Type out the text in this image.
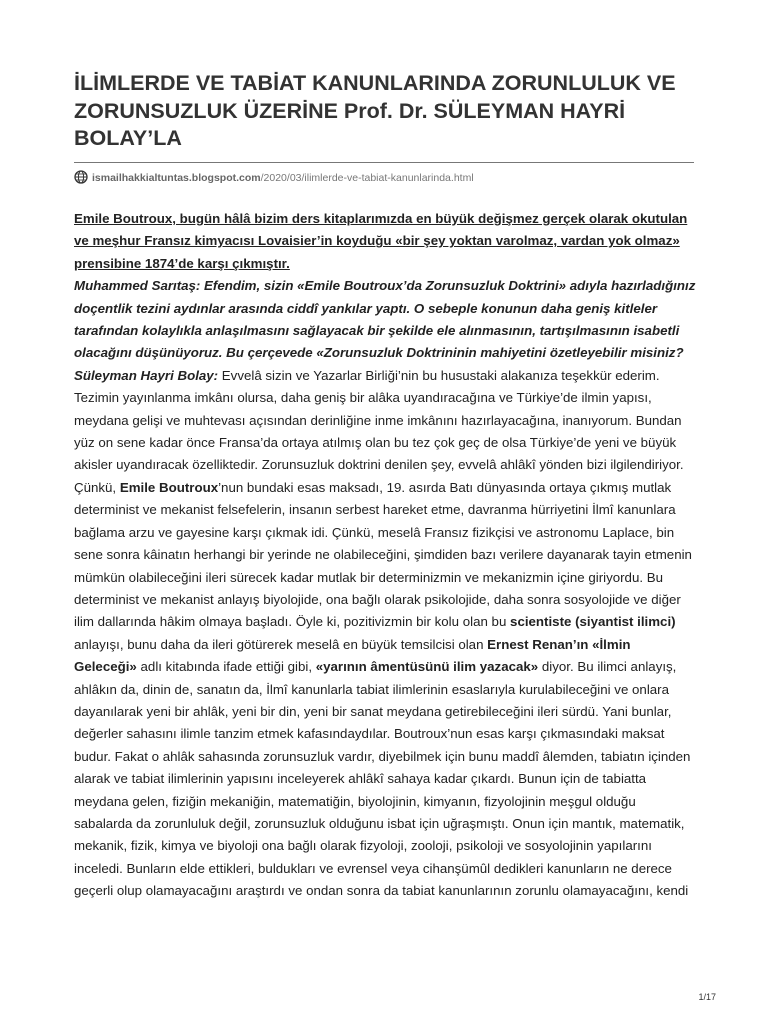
İLİMLERDE VE TABİAT KANUNLARINDA ZORUNLULUK VE ZORUNSUZLUK ÜZERİNE Prof. Dr. SÜLEYMAN HAYRİ BOLAY’LA
ismailhakkialtuntas.blogspot.com/2020/03/ilimlerde-ve-tabiat-kanunlarinda.html

Emile Boutroux, bugün hâlâ bizim ders kitaplarımızda en büyük değişmez gerçek olarak okutulan ve meşhur Fransız kimyacısı Lovaisier’in koyduğu «bir şey yoktan varolmaz, vardan yok olmaz» prensibine 1874’de karşı çıkmıştır.

Muhammed Sarıtaş: Efendim, sizin «Emile Boutroux’da Zorunsuzluk Doktrini» adıyla hazırladığınız doçentlik tezini aydınlar arasında ciddî yankılar yaptı. O sebeple konunun daha geniş kitleler tarafından kolaylıkla anlaşılmasını sağlayacak bir şekilde ele alınmasının, tartışılmasının isabetli olacağını düşünüyoruz. Bu çerçevede «Zorunsuzluk Doktrininin mahiyetini özetleyebilir misiniz?

Süleyman Hayri Bolay: Evvelâ sizin ve Yazarlar Birliği’nin bu husustaki alakanıza teşekkür ederim. Tezimin yayınlanma imkânı olursa, daha geniş bir alâka uyandıracağına ve Türkiye’de ilmin yapısı, meydana gelişi ve muhtevası açısından derinliğine inme imkânını hazırlayacağına, inanıyorum. Bundan yüz on sene kadar önce Fransa’da ortaya atılmış olan bu tez çok geç de olsa Türkiye’de yeni ve büyük akisler uyandıracak özelliktedir. Zorunsuzluk doktrini denilen şey, evvelâ ahlâkî yönden bizi ilgilendiriyor. Çünkü, Emile Boutroux’nun bundaki esas maksadı, 19. asırda Batı dünyasında ortaya çıkmış mutlak determinist ve mekanist felsefelerin, insanın serbest hareket etme, davranma hürriyetini İlmî kanunlara bağlama arzu ve gayesine karşı çıkmak idi. Çünkü, meselâ Fransız fizikçisi ve astronomu Laplace, bin sene sonra kâinatın herhangi bir yerinde ne olabileceğini, şimdiden bazı verilere dayanarak tayin etmenin mümkün olabileceğini ileri sürecek kadar mutlak bir determinizmin ve mekanizmin içine giriyordu. Bu determinist ve mekanist anlayış biyolojide, ona bağlı olarak psikolojide, daha sonra sosyolojide ve diğer ilim dallarında hâkim olmaya başladı. Öyle ki, pozitivizmin bir kolu olan bu scientiste (siyantist ilimci) anlayışı, bunu daha da ileri götürerek meselâ en büyük temsilcisi olan Ernest Renan’ın «İlmin Geleceği» adlı kitabında ifade ettiği gibi, «yarının âmentüsünü ilim yazacak» diyor. Bu ilimci anlayış, ahlâkın da, dinin de, sanatın da, İlmî kanunlarla tabiat ilimlerinin esaslarıyla kurulabileceğini ve onlara dayanılarak yeni bir ahlâk, yeni bir din, yeni bir sanat meydana getirebileceğini ileri sürdü. Yani bunlar, değerler sahasını ilimle tanzim etmek kafasındaydılar. Boutroux’nun esas karşı çıkmasındaki maksat budur. Fakat o ahlâk sahasında zorunsuzluk vardır, diyebilmek için bunu maddî âlemden, tabiatın içinden alarak ve tabiat ilimlerinin yapısını inceleyerek ahlâkî sahaya kadar çıkardı. Bunun için de tabiatta meydana gelen, fiziğin mekaniğin, matematiğin, biyolojinin, kimyanın, fizyolojinin meşgul olduğu sabalarda da zorunluluk değil, zorunsuzluk olduğunu isbat için uğraşmıştı. Onun için mantık, matematik, mekanik, fizik, kimya ve biyoloji ona bağlı olarak fizyoloji, zooloji, psikoloji ve sosyolojinin yapılarını inceledi. Bunların elde ettikleri, buldukları ve evrensel veya cihanşümûl dedikleri kanunların ne derece geçerli olup olamayacağını araştırdı ve ondan sonra da tabiat kanunlarının zorunlu olamayacağını, kendi

1/17
